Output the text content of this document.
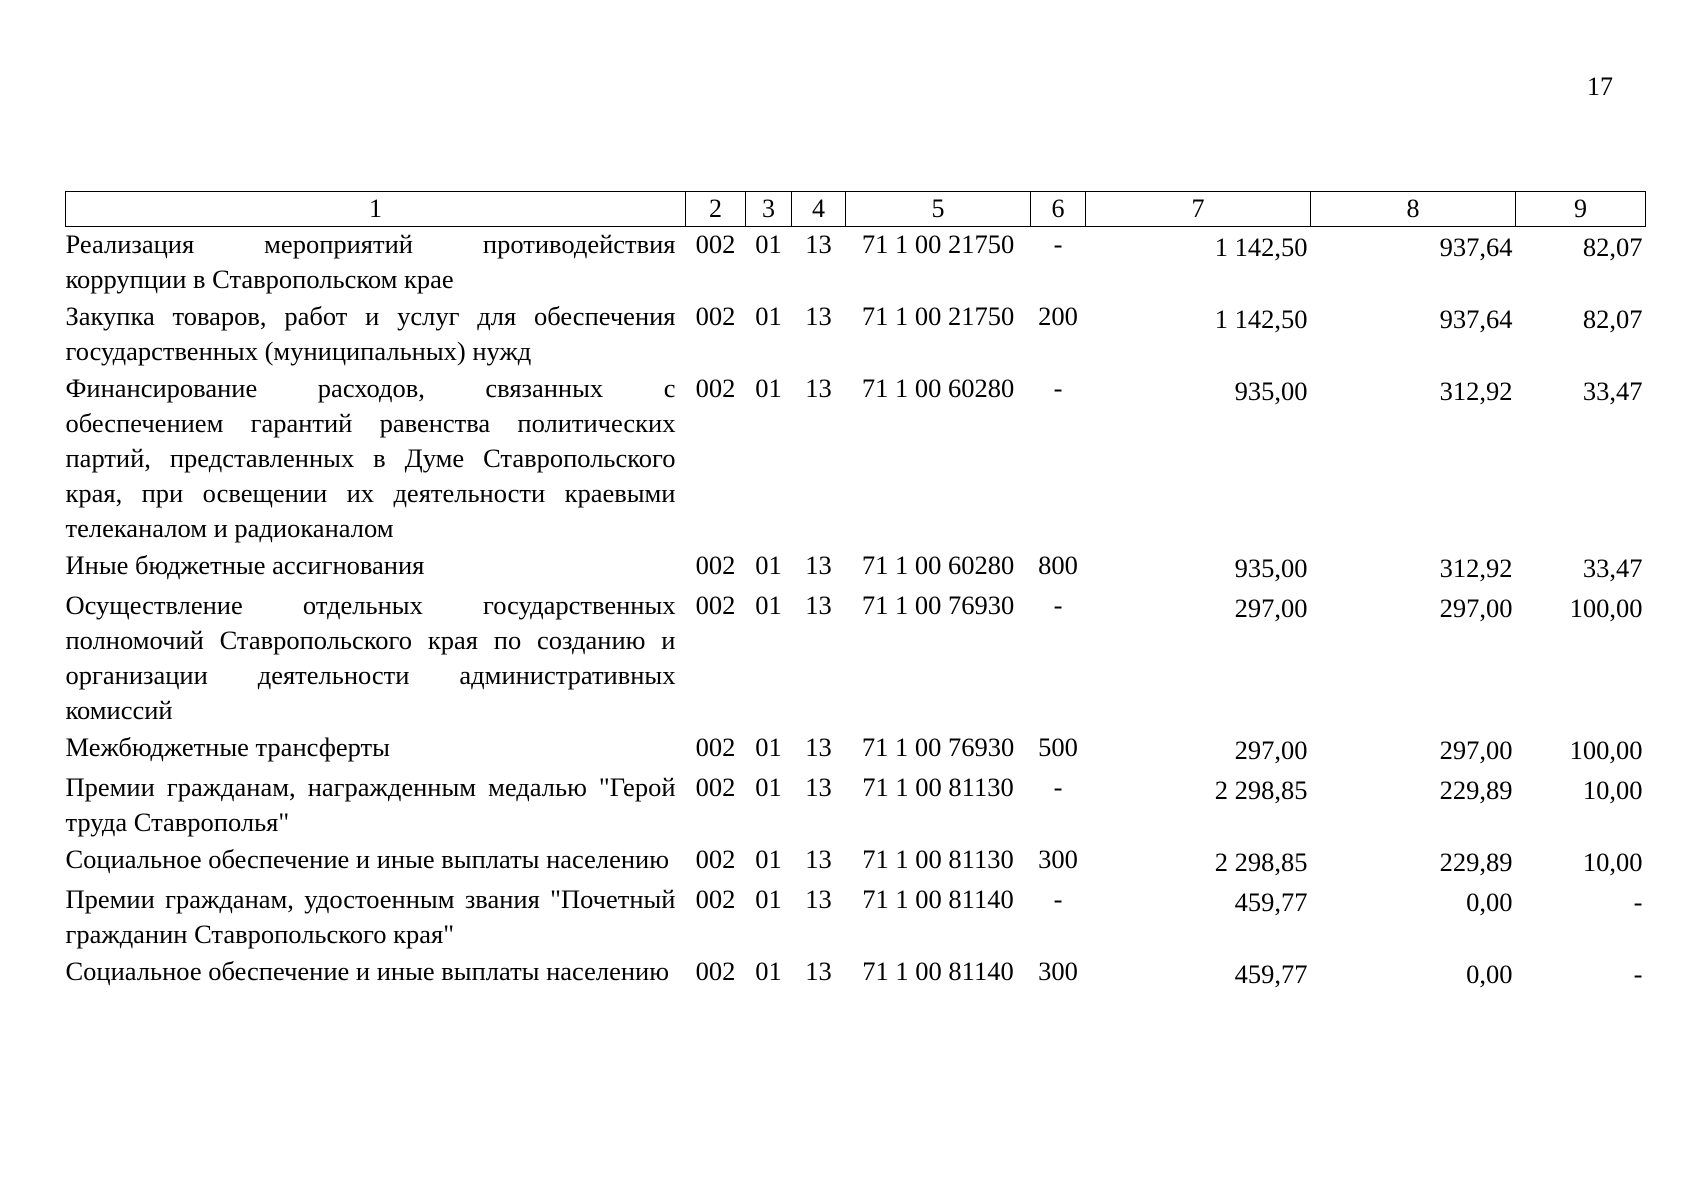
17
1	2	3	4	5	6	7	8	9
Реализация мероприятий противодействия коррупции в Ставропольском крае	002	01	13	71 1 00 21750	-	1 142,50	937,64	82,07
Закупка товаров, работ и услуг для обеспечения государственных (муниципальных) нужд	002	01	13	71 1 00 21750	200	1 142,50	937,64	82,07
Финансирование расходов, связанных с обеспечением гарантий равенства политических партий, представленных в Думе Ставропольского края, при освещении их деятельности краевыми телеканалом и радиоканалом	002	01	13	71 1 00 60280	-	935,00	312,92	33,47
Иные бюджетные ассигнования	002	01	13	71 1 00 60280	800	935,00	312,92	33,47
Осуществление отдельных государственных полномочий Ставропольского края по созданию и организации деятельности административных комиссий	002	01	13	71 1 00 76930	-	297,00	297,00	100,00
Межбюджетные трансферты	002	01	13	71 1 00 76930	500	297,00	297,00	100,00
Премии гражданам, награжденным медалью "Герой труда Ставрополья"	002	01	13	71 1 00 81130	-	2 298,85	229,89	10,00
Социальное обеспечение и иные выплаты населению	002	01	13	71 1 00 81130	300	2 298,85	229,89	10,00
Премии гражданам, удостоенным звания "Почетный гражданин Ставропольского края"	002	01	13	71 1 00 81140	-	459,77	0,00	-
Социальное обеспечение и иные выплаты населению	002	01	13	71 1 00 81140	300	459,77	0,00	-
